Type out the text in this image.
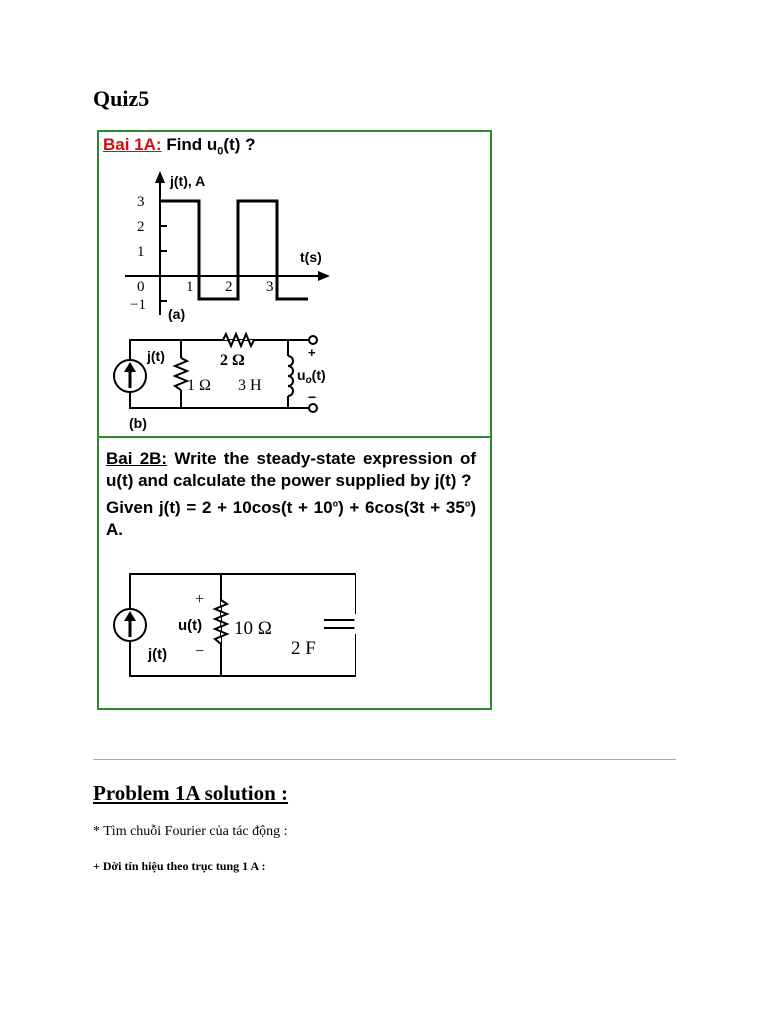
Quiz5
Bai 1A: Find $u_0(t)$ ?
j(t), A
t(s)
3
2
1
0
−1
1 2 3
(a)
j(t)
1 Ω
2 Ω
3 H
+
$u_o(t)$
−
(b)
Bai 2B: Write the steady-state expression of u(t) and calculate the power supplied by j(t) ?
Given $j(t) = 2 + 10\cos(t + 10^o) + 6\cos(3t + 35^o)$ A.
+
u(t)
−
j(t)
10 Ω
2 F
Problem 1A solution :
* Tìm chuỗi Fourier của tác động :
+ Dời tín hiệu theo trục tung 1 A :
